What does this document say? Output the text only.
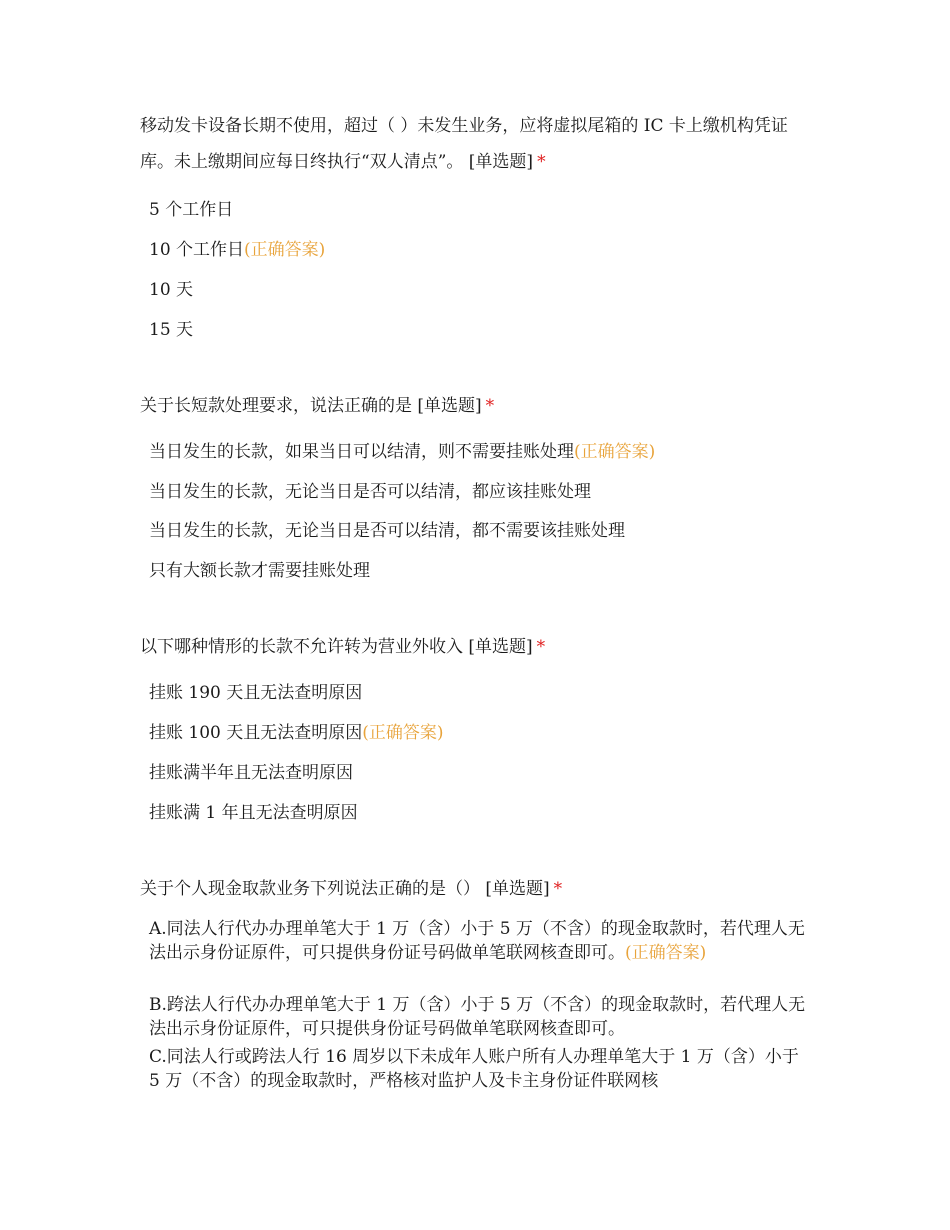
移动发卡设备长期不使用，超过（ ）未发生业务，应将虚拟尾箱的 IC 卡上缴机构凭证库。未上缴期间应每日终执行“双人清点”。 [单选题] *
5 个工作日
10 个工作日(正确答案)
10 天
15 天
关于长短款处理要求，说法正确的是 [单选题] *
当日发生的长款，如果当日可以结清，则不需要挂账处理(正确答案)
当日发生的长款，无论当日是否可以结清，都应该挂账处理
当日发生的长款，无论当日是否可以结清，都不需要该挂账处理
只有大额长款才需要挂账处理
以下哪种情形的长款不允许转为营业外收入 [单选题] *
挂账 190 天且无法查明原因
挂账 100 天且无法查明原因(正确答案)
挂账满半年且无法查明原因
挂账满 1 年且无法查明原因
关于个人现金取款业务下列说法正确的是（） [单选题] *
A.同法人行代办办理单笔大于 1 万（含）小于 5 万（不含）的现金取款时，若代理人无法出示身份证原件，可只提供身份证号码做单笔联网核查即可。(正确答案)
B.跨法人行代办办理单笔大于 1 万（含）小于 5 万（不含）的现金取款时，若代理人无法出示身份证原件，可只提供身份证号码做单笔联网核查即可。
C.同法人行或跨法人行 16 周岁以下未成年人账户所有人办理单笔大于 1 万（含）小于 5 万（不含）的现金取款时，严格核对监护人及卡主身份证件联网核
